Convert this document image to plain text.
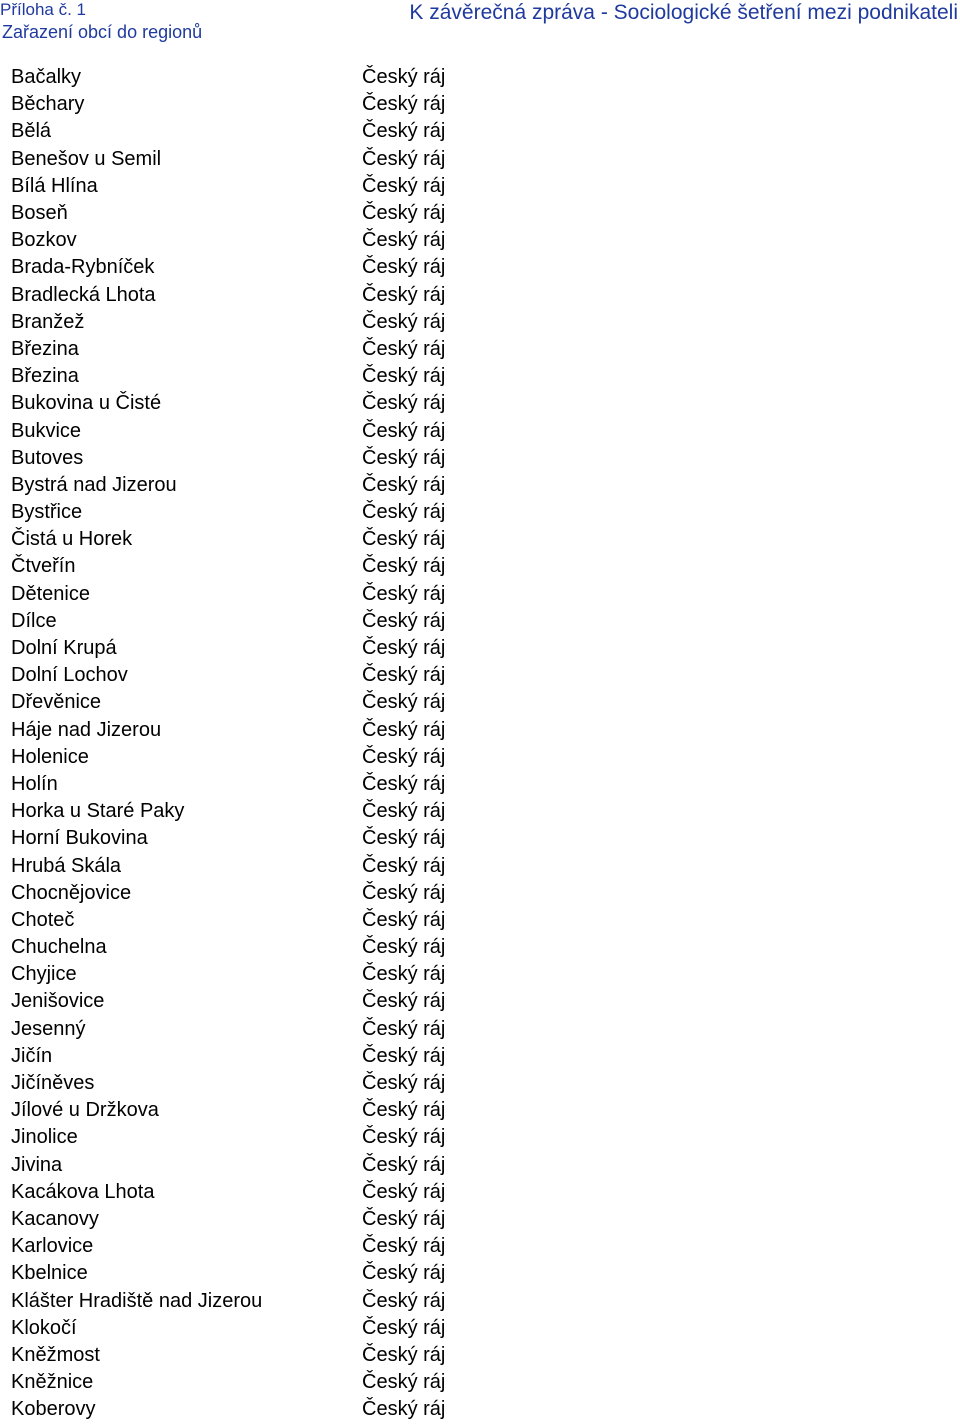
Příloha č. 1	K závěrečná zpráva - Sociologické šetření mezi podnikateli
Zařazení obcí do regionů
Bačalky	Český ráj
Běchary	Český ráj
Bělá	Český ráj
Benešov u Semil	Český ráj
Bílá Hlína	Český ráj
Boseň	Český ráj
Bozkov	Český ráj
Brada-Rybníček	Český ráj
Bradlecká Lhota	Český ráj
Branžež	Český ráj
Březina	Český ráj
Březina	Český ráj
Bukovina u Čisté	Český ráj
Bukvice	Český ráj
Butoves	Český ráj
Bystrá nad Jizerou	Český ráj
Bystřice	Český ráj
Čistá u Horek	Český ráj
Čtveřín	Český ráj
Dětenice	Český ráj
Dílce	Český ráj
Dolní Krupá	Český ráj
Dolní Lochov	Český ráj
Dřevěnice	Český ráj
Háje nad Jizerou	Český ráj
Holenice	Český ráj
Holín	Český ráj
Horka u Staré Paky	Český ráj
Horní Bukovina	Český ráj
Hrubá Skála	Český ráj
Chocnějovice	Český ráj
Choteč	Český ráj
Chuchelna	Český ráj
Chyjice	Český ráj
Jenišovice	Český ráj
Jesenný	Český ráj
Jičín	Český ráj
Jičíněves	Český ráj
Jílové u Držkova	Český ráj
Jinolice	Český ráj
Jivina	Český ráj
Kacákova Lhota	Český ráj
Kacanovy	Český ráj
Karlovice	Český ráj
Kbelnice	Český ráj
Klášter Hradiště nad Jizerou	Český ráj
Klokočí	Český ráj
Kněžmost	Český ráj
Kněžnice	Český ráj
Koberovy	Český ráj
